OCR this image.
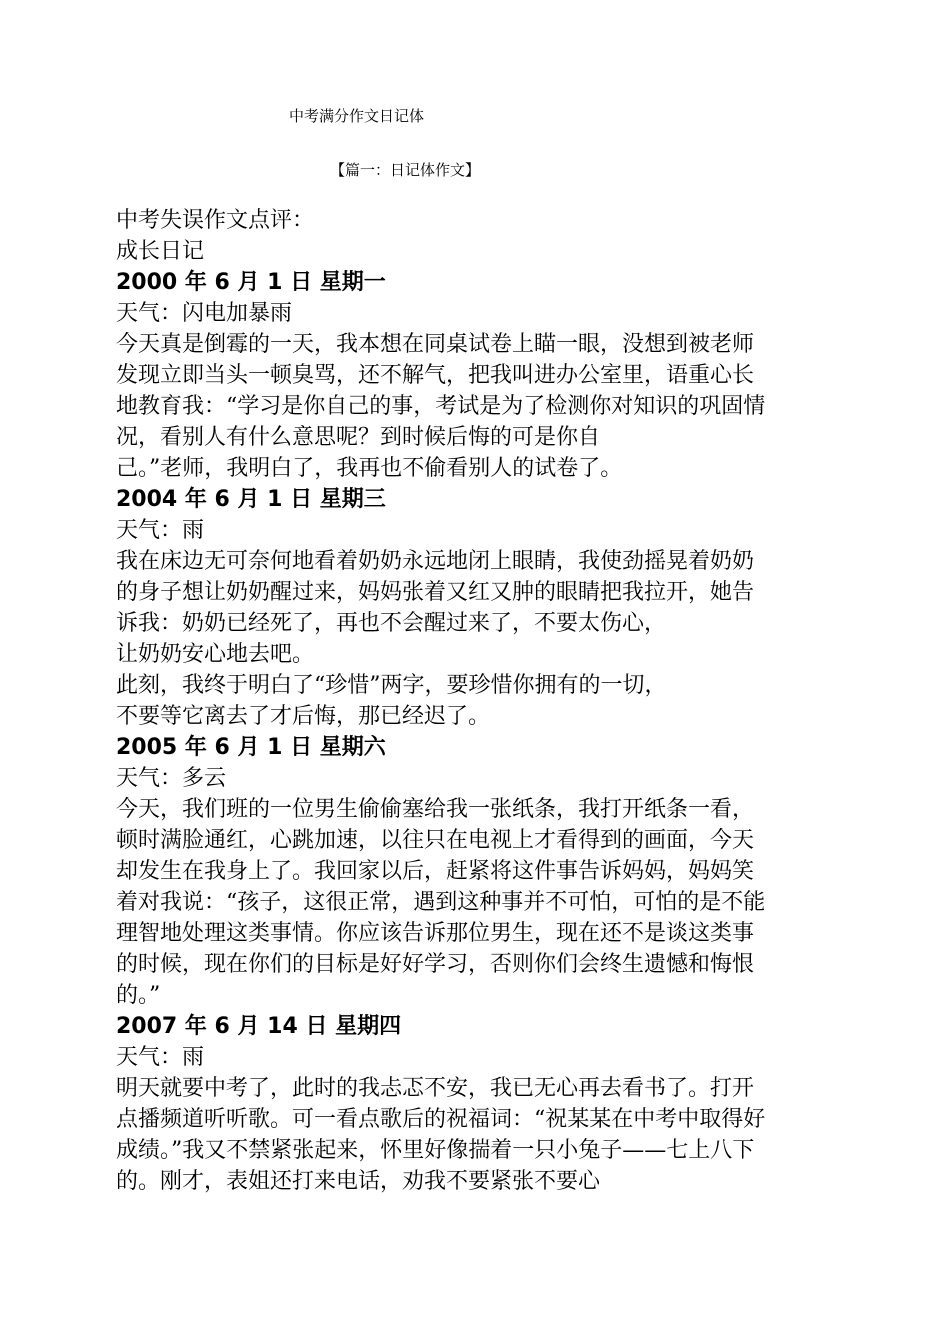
中考满分作文日记体
【篇一：日记体作文】
中考失误作文点评：
成长日记
2000 年 6 月 1 日 星期一
天气：闪电加暴雨
今天真是倒霉的一天，我本想在同桌试卷上瞄一眼，没想到被老师
发现立即当头一顿臭骂，还不解气，把我叫进办公室里，语重心长
地教育我：“学习是你自己的事，考试是为了检测你对知识的巩固情
况，看别人有什么意思呢？到时候后悔的可是你自
己。”老师，我明白了，我再也不偷看别人的试卷了。
2004 年 6 月 1 日 星期三
天气：雨
我在床边无可奈何地看着奶奶永远地闭上眼睛，我使劲摇晃着奶奶
的身子想让奶奶醒过来，妈妈张着又红又肿的眼睛把我拉开，她告
诉我：奶奶已经死了，再也不会醒过来了，不要太伤心，
让奶奶安心地去吧。
此刻，我终于明白了“珍惜”两字，要珍惜你拥有的一切，
不要等它离去了才后悔，那已经迟了。
2005 年 6 月 1 日 星期六
天气：多云
今天，我们班的一位男生偷偷塞给我一张纸条，我打开纸条一看，
顿时满脸通红，心跳加速，以往只在电视上才看得到的画面，今天
却发生在我身上了。我回家以后，赶紧将这件事告诉妈妈，妈妈笑
着对我说：“孩子，这很正常，遇到这种事并不可怕，可怕的是不能
理智地处理这类事情。你应该告诉那位男生，现在还不是谈这类事
的时候，现在你们的目标是好好学习，否则你们会终生遗憾和悔恨
的。”
2007 年 6 月 14 日 星期四
天气：雨
明天就要中考了，此时的我忐忑不安，我已无心再去看书了。打开
点播频道听听歌。可一看点歌后的祝福词：“祝某某在中考中取得好
成绩。”我又不禁紧张起来，怀里好像揣着一只小兔子——七上八下
的。刚才，表姐还打来电话，劝我不要紧张不要心
